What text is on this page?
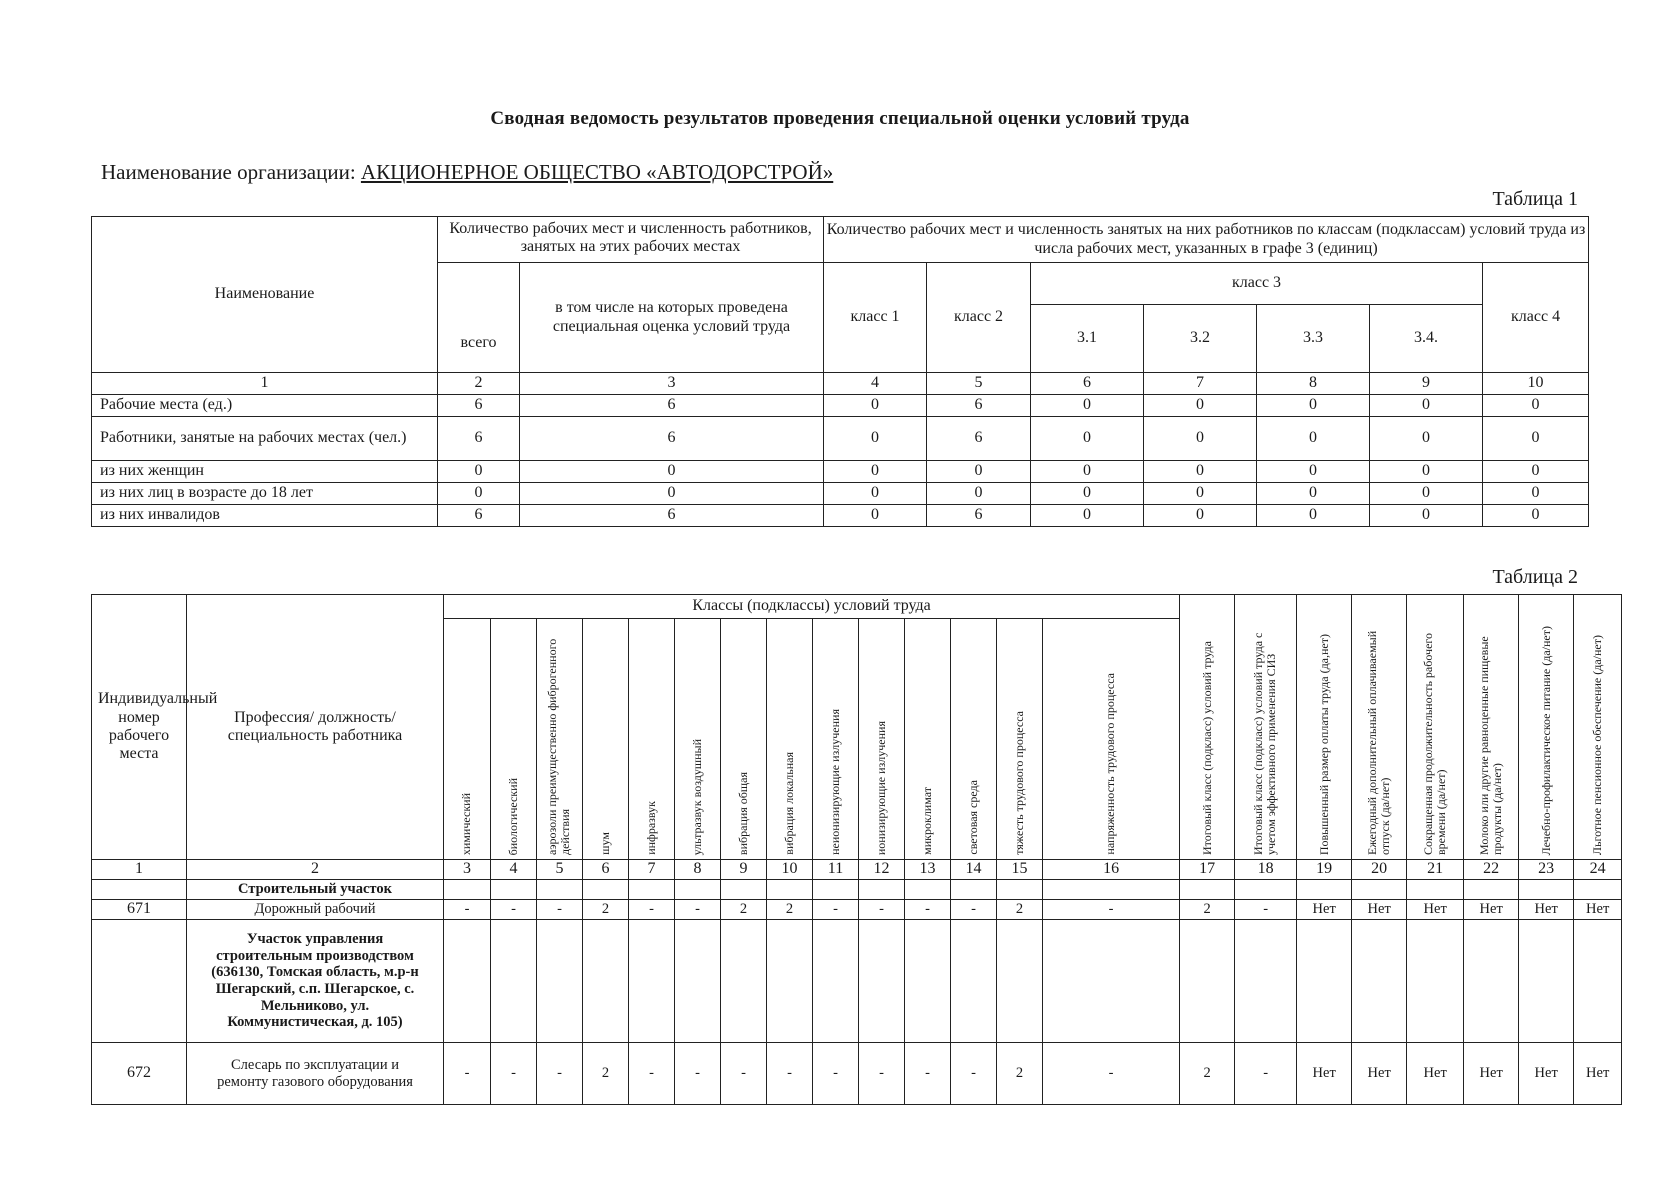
Сводная ведомость результатов проведения специальной оценки условий труда
Наименование организации: АКЦИОНЕРНОЕ ОБЩЕСТВО «АВТОДОРСТРОЙ»
Таблица 1
Наименование	Количество рабочих мест и численность работников, занятых на этих рабочих местах		Количество рабочих мест и численность занятых на них работников по классам (подклассам) условий труда из числа рабочих мест, указанных в графе 3 (единиц)						
	всего	в том числе на которых проведена специальная оценка условий труда	класс 1	класс 2	класс 3				класс 4
					3.1	3.2	3.3	3.4.	
1	2	3	4	5	6	7	8	9	10
Рабочие места (ед.)	6	6	0	6	0	0	0	0	0
Работники, занятые на рабочих местах (чел.)	6	6	0	6	0	0	0	0	0
из них женщин	0	0	0	0	0	0	0	0	0
из них лиц в возрасте до 18 лет	0	0	0	0	0	0	0	0	0
из них инвалидов	6	6	0	6	0	0	0	0	0
Таблица 2
Индивидуальный номер рабочего места	Профессия/ должность/ специальность работника	Классы (подклассы) условий труда														Итоговый класс (подкласс) условий труда	Итоговый класс (подкласс) условий труда с учетом эффективного применения СИЗ	Повышенный размер оплаты труда (да,нет)	Ежегодный дополнительный оплачиваемый отпуск (да/нет)	Сокращенная продолжительность рабочего времени (да/нет)	Молоко или другие равноценные пищевые продукты (да/нет)	Лечебно-профилактическое питание (да/нет)	Льготное пенсионное обеспечение (да/нет)

		химический	биологический	аэрозоли преимущественно фиброгенного действия	шум	инфразвук	ультразвук воздушный	вибрация общая	вибрация локальная	неионизирующие излучения	ионизирующие излучения	микроклимат	световая среда	тяжесть трудового процесса	напряженность трудового процесса								

1	2	3	4	5	6	7	8	9	10	11	12	13	14	15	16	17	18	19	20	21	22	23	24
	Строительный участок																						
671	Дорожный рабочий	-	-	-	2	-	-	2	2	-	-	-	-	2	-	2	-	Нет	Нет	Нет	Нет	Нет	Нет
	Участок управления строительным производством (636130, Томская область, м.р-н Шегарский, с.п. Шегарское, с. Мельниково, ул. Коммунистическая, д. 105)																						
672	Слесарь по эксплуатации и ремонту газового оборудования	-	-	-	2	-	-	-	-	-	-	-	-	2	-	2	-	Нет	Нет	Нет	Нет	Нет	Нет
